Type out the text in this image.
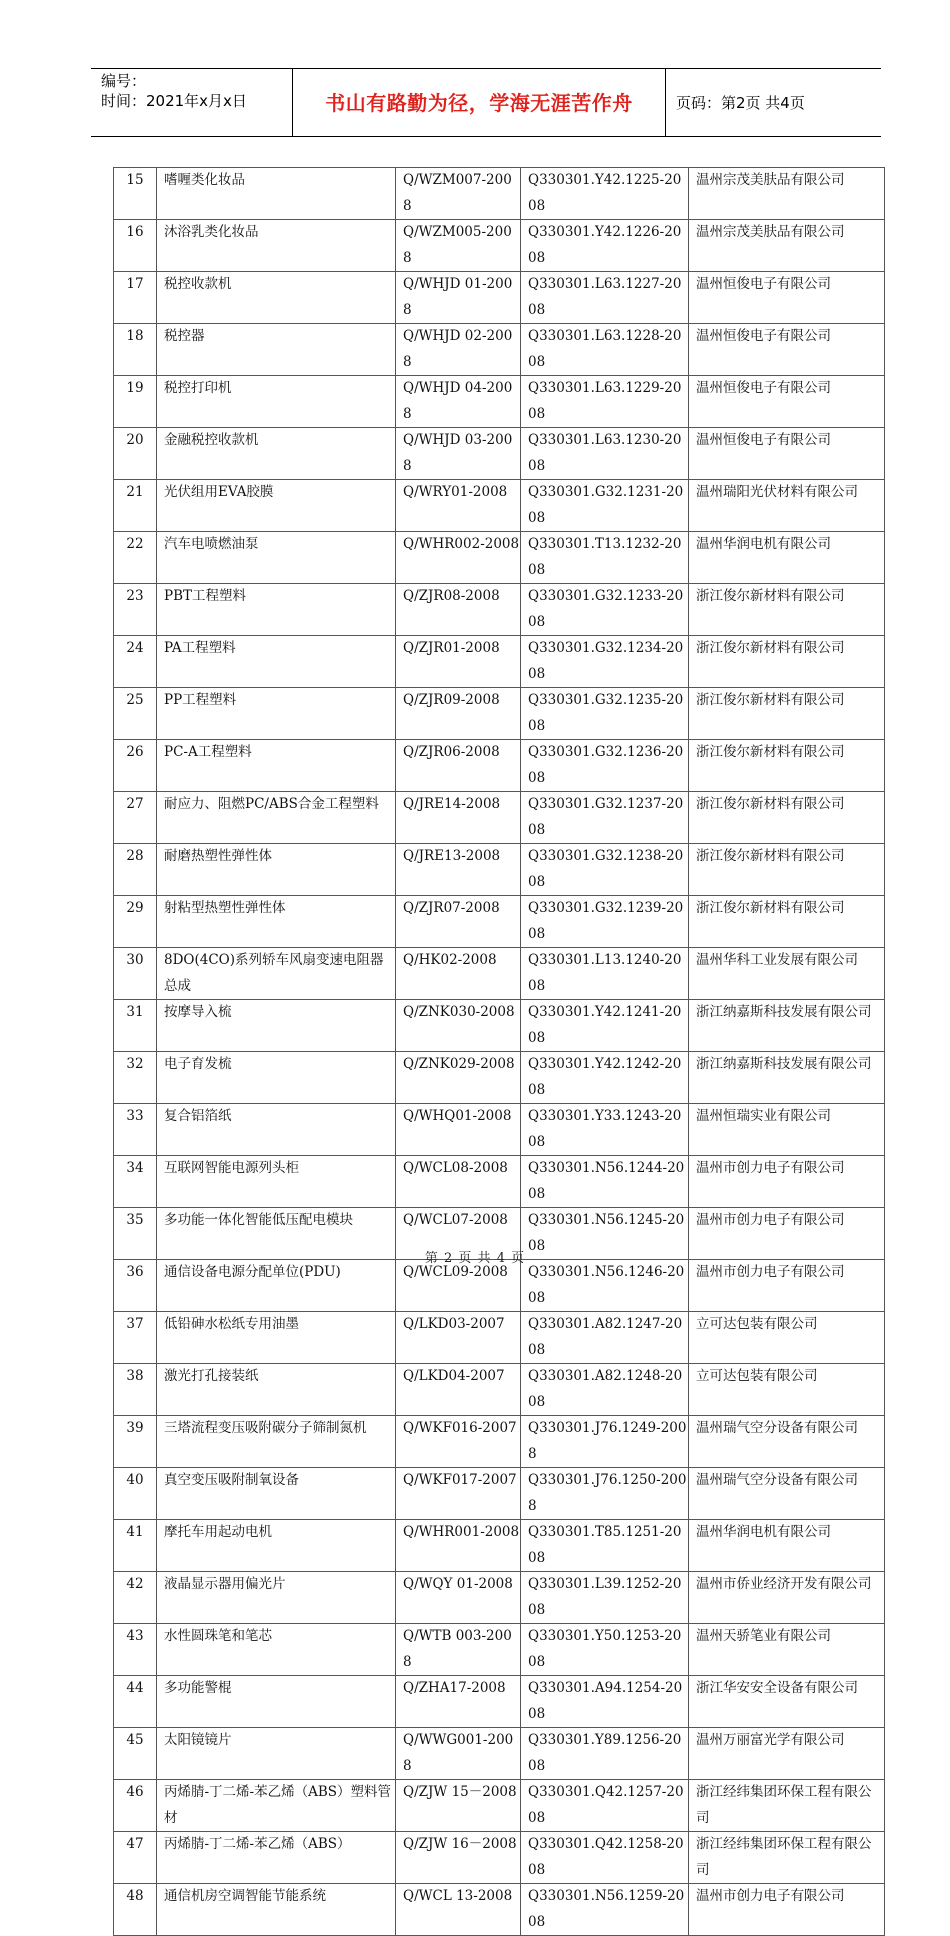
编号：
时间：2021年x月x日	书山有路勤为径，学海无涯苦作舟	页码：第2页 共4页
15	嗜喱类化妆品	Q/WZM007-2008	Q330301.Y42.1225-2008	温州宗茂美肤品有限公司
16	沐浴乳类化妆品	Q/WZM005-2008	Q330301.Y42.1226-2008	温州宗茂美肤品有限公司
17	税控收款机	Q/WHJD 01-2008	Q330301.L63.1227-2008	温州恒俊电子有限公司
18	税控器	Q/WHJD 02-2008	Q330301.L63.1228-2008	温州恒俊电子有限公司
19	税控打印机	Q/WHJD 04-2008	Q330301.L63.1229-2008	温州恒俊电子有限公司
20	金融税控收款机	Q/WHJD 03-2008	Q330301.L63.1230-2008	温州恒俊电子有限公司
21	光伏组用EVA胶膜	Q/WRY01-2008	Q330301.G32.1231-2008	温州瑞阳光伏材料有限公司
22	汽车电喷燃油泵	Q/WHR002-2008	Q330301.T13.1232-2008	温州华润电机有限公司
23	PBT工程塑料	Q/ZJR08-2008	Q330301.G32.1233-2008	浙江俊尔新材料有限公司
24	PA工程塑料	Q/ZJR01-2008	Q330301.G32.1234-2008	浙江俊尔新材料有限公司
25	PP工程塑料	Q/ZJR09-2008	Q330301.G32.1235-2008	浙江俊尔新材料有限公司
26	PC-A工程塑料	Q/ZJR06-2008	Q330301.G32.1236-2008	浙江俊尔新材料有限公司
27	耐应力、阻燃PC/ABS合金工程塑料	Q/JRE14-2008	Q330301.G32.1237-2008	浙江俊尔新材料有限公司
28	耐磨热塑性弹性体	Q/JRE13-2008	Q330301.G32.1238-2008	浙江俊尔新材料有限公司
29	射粘型热塑性弹性体	Q/ZJR07-2008	Q330301.G32.1239-2008	浙江俊尔新材料有限公司
30	8DO(4CO)系列轿车风扇变速电阻器总成	Q/HK02-2008	Q330301.L13.1240-2008	温州华科工业发展有限公司
31	按摩导入梳	Q/ZNK030-2008	Q330301.Y42.1241-2008	浙江纳嘉斯科技发展有限公司
32	电子育发梳	Q/ZNK029-2008	Q330301.Y42.1242-2008	浙江纳嘉斯科技发展有限公司
33	复合铝箔纸	Q/WHQ01-2008	Q330301.Y33.1243-2008	温州恒瑞实业有限公司
34	互联网智能电源列头柜	Q/WCL08-2008	Q330301.N56.1244-2008	温州市创力电子有限公司
35	多功能一体化智能低压配电模块	Q/WCL07-2008	Q330301.N56.1245-2008	温州市创力电子有限公司
36	通信设备电源分配单位(PDU)	Q/WCL09-2008	Q330301.N56.1246-2008	温州市创力电子有限公司
37	低铅砷水松纸专用油墨	Q/LKD03-2007	Q330301.A82.1247-2008	立可达包装有限公司
38	激光打孔接装纸	Q/LKD04-2007	Q330301.A82.1248-2008	立可达包装有限公司
39	三塔流程变压吸附碳分子筛制氮机	Q/WKF016-2007	Q330301.J76.1249-2008	温州瑞气空分设备有限公司
40	真空变压吸附制氧设备	Q/WKF017-2007	Q330301.J76.1250-2008	温州瑞气空分设备有限公司
41	摩托车用起动电机	Q/WHR001-2008	Q330301.T85.1251-2008	温州华润电机有限公司
42	液晶显示器用偏光片	Q/WQY 01-2008	Q330301.L39.1252-2008	温州市侨业经济开发有限公司
43	水性圆珠笔和笔芯	Q/WTB 003-2008	Q330301.Y50.1253-2008	温州天骄笔业有限公司
44	多功能警棍	Q/ZHA17-2008	Q330301.A94.1254-2008	浙江华安安全设备有限公司
45	太阳镜镜片	Q/WWG001-2008	Q330301.Y89.1256-2008	温州万丽富光学有限公司
46	丙烯腈-丁二烯-苯乙烯（ABS）塑料管材	Q/ZJW 15－2008	Q330301.Q42.1257-2008	浙江经纬集团环保工程有限公司
47	丙烯腈-丁二烯-苯乙烯（ABS）	Q/ZJW 16－2008	Q330301.Q42.1258-2008	浙江经纬集团环保工程有限公司
48	通信机房空调智能节能系统	Q/WCL 13-2008	Q330301.N56.1259-2008	温州市创力电子有限公司
第 2 页 共 4 页
